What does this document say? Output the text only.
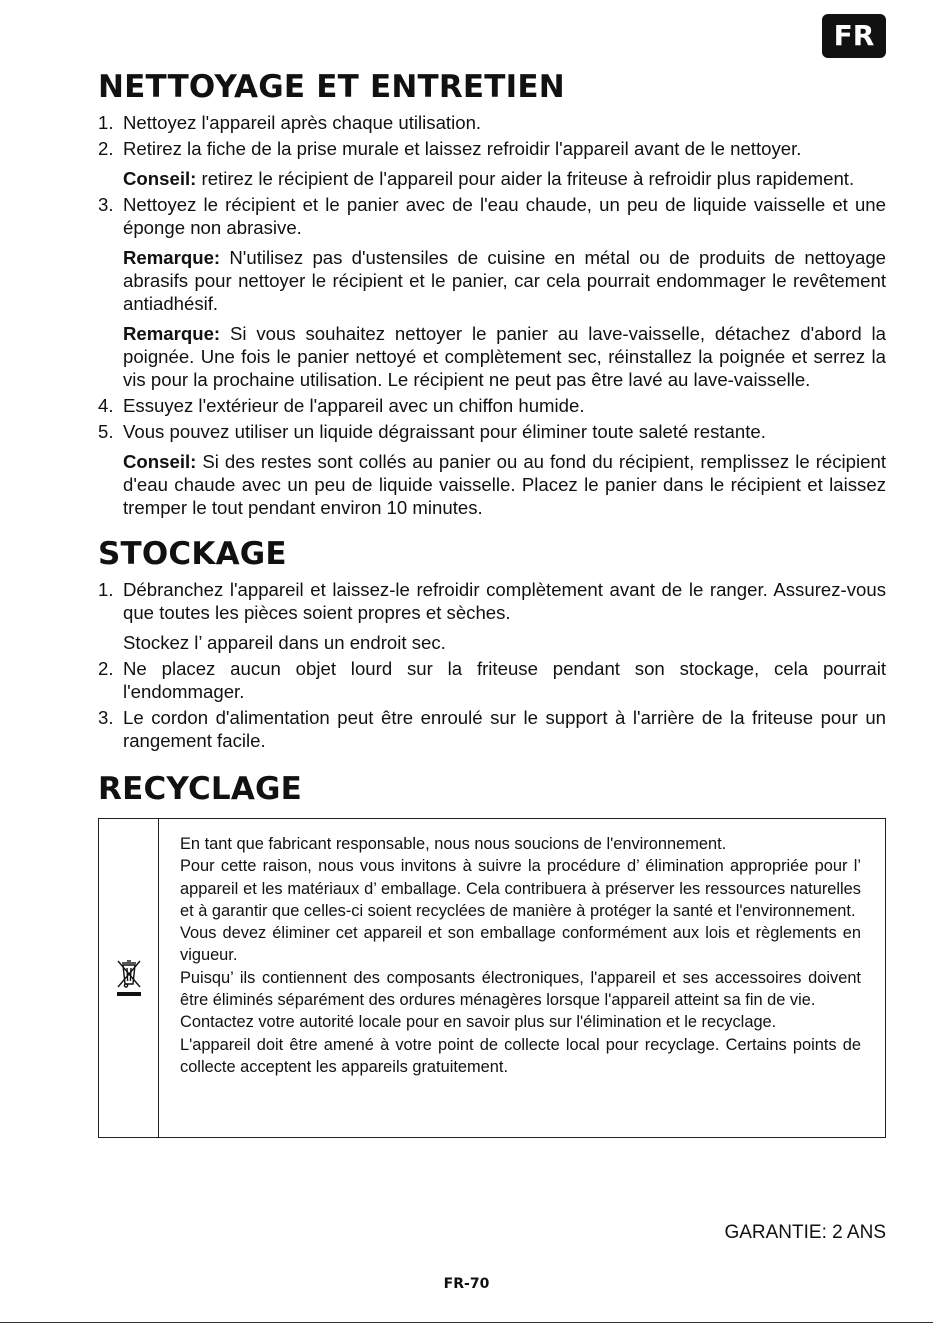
FR
NETTOYAGE ET ENTRETIEN
1. Nettoyez l'appareil après chaque utilisation.
2. Retirez la fiche de la prise murale et laissez refroidir l'appareil avant de le nettoyer.

Conseil: retirez le récipient de l'appareil pour aider la friteuse à refroidir plus rapidement.

3. Nettoyez le récipient et le panier avec de l'eau chaude, un peu de liquide vaisselle et une éponge non abrasive.

Remarque: N'utilisez pas d'ustensiles de cuisine en métal ou de produits de nettoyage abrasifs pour nettoyer le récipient et le panier, car cela pourrait endommager le revêtement antiadhésif.

Remarque: Si vous souhaitez nettoyer le panier au lave-vaisselle, détachez d'abord la poignée. Une fois le panier nettoyé et complètement sec, réinstallez la poignée et serrez la vis pour la prochaine utilisation. Le récipient ne peut pas être lavé au lave-vaisselle.

4. Essuyez l'extérieur de l'appareil avec un chiffon humide.
5. Vous pouvez utiliser un liquide dégraissant pour éliminer toute saleté restante.

Conseil: Si des restes sont collés au panier ou au fond du récipient, remplissez le récipient d'eau chaude avec un peu de liquide vaisselle. Placez le panier dans le récipient et laissez tremper le tout pendant environ 10 minutes.

STOCKAGE
1. Débranchez l'appareil et laissez-le refroidir complètement avant de le ranger. Assurez-vous que toutes les pièces soient propres et sèches.

Stockez l’ appareil dans un endroit sec.

2. Ne placez aucun objet lourd sur la friteuse pendant son stockage, cela pourrait l'endommager.
3. Le cordon d'alimentation peut être enroulé sur le support à l'arrière de la friteuse pour un rangement facile.
RECYCLAGE

En tant que fabricant responsable, nous nous soucions de l'environnement.

Pour cette raison, nous vous invitons à suivre la procédure d’ élimination appropriée pour l’ appareil et les matériaux d’ emballage. Cela contribuera à préserver les ressources naturelles et à garantir que celles-ci soient recyclées de manière à protéger la santé et l'environnement.

Vous devez éliminer cet appareil et son emballage conformément aux lois et règlements en vigueur.

Puisqu’ ils contiennent des composants électroniques, l'appareil et ses accessoires doivent être éliminés séparément des ordures ménagères lorsque l'appareil atteint sa fin de vie.

Contactez votre autorité locale pour en savoir plus sur l'élimination et le recyclage.

L'appareil doit être amené à votre point de collecte local pour recyclage. Certains points de collecte acceptent les appareils gratuitement.

GARANTIE: 2 ANS
FR-70
